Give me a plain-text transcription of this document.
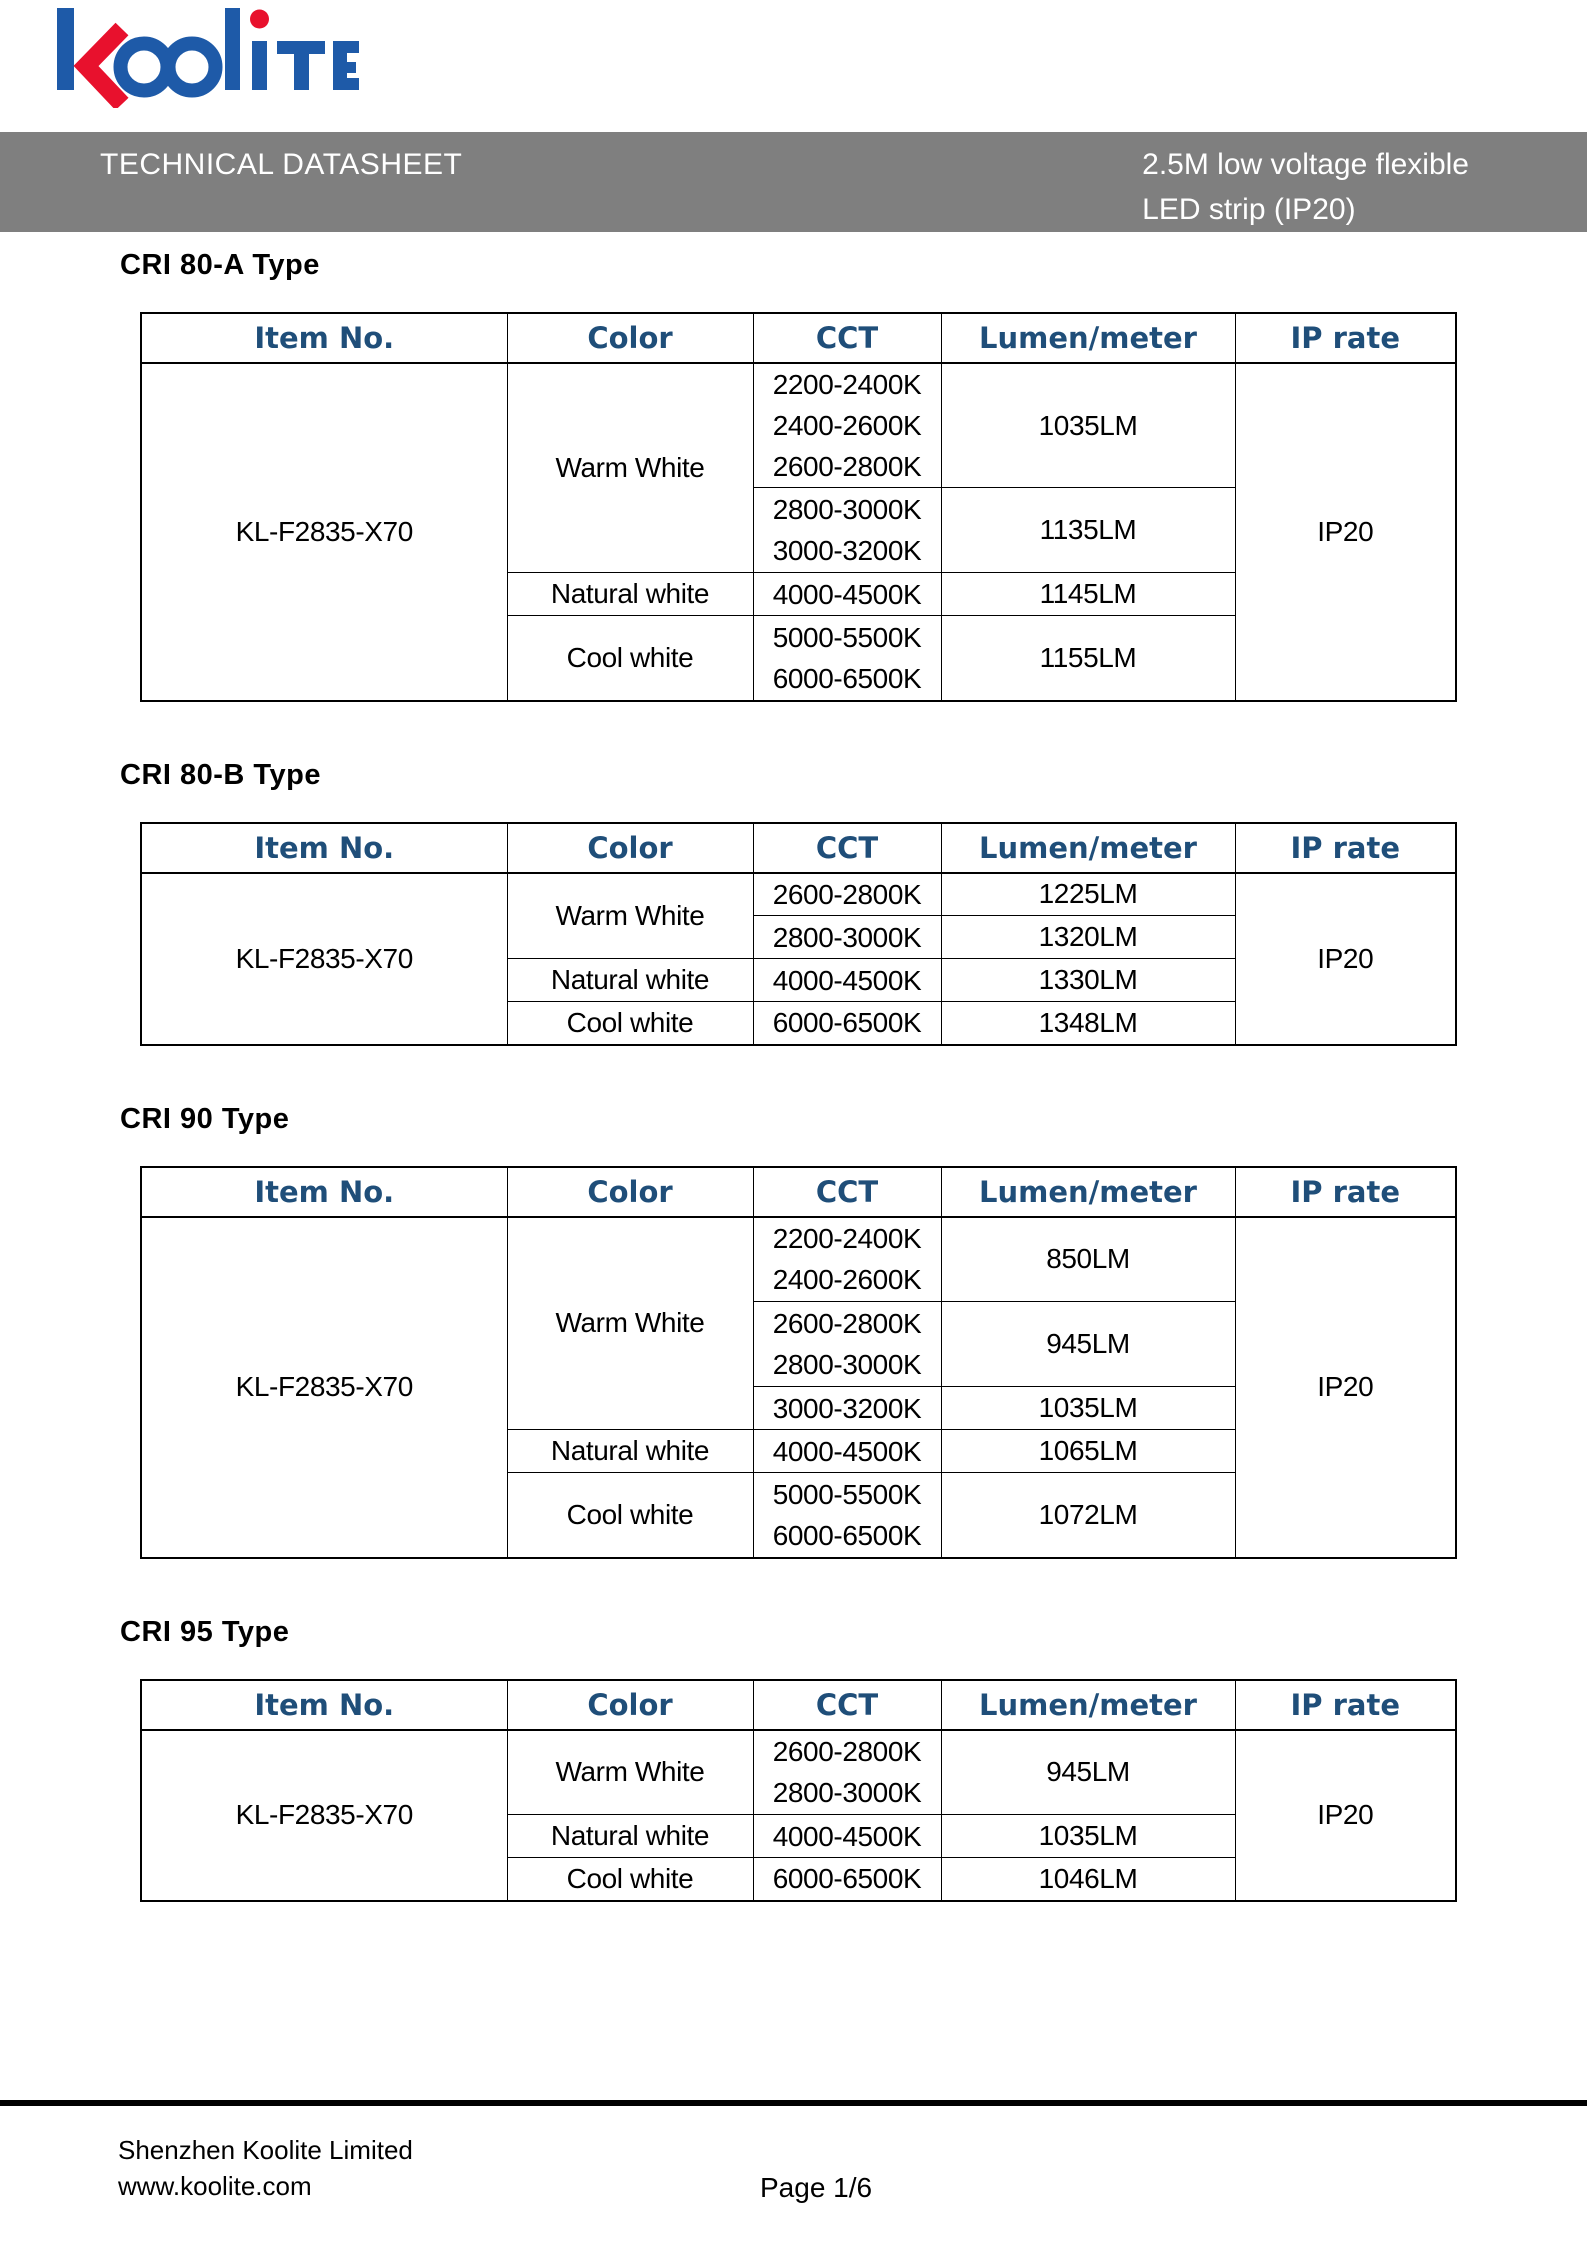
TECHNICAL DATASHEET	2.5M low voltage flexible
LED strip (IP20)
CRI 80-A Type
Item No.	Color	CCT	Lumen/meter	IP rate
KL-F2835-X70	Warm White	2200-2400K
2400-2600K
2600-2800K	1035LM	IP20

		2800-3000K
3000-3200K	1135LM	
	Natural white	4000-4500K	1145LM	
	Cool white	5000-5500K
6000-6500K	1155LM	
CRI 80-B Type
Item No.	Color	CCT	Lumen/meter	IP rate
KL-F2835-X70	Warm White	2600-2800K	1225LM	IP20

		2800-3000K	1320LM	
	Natural white	4000-4500K	1330LM	
	Cool white	6000-6500K	1348LM	
CRI 90 Type
Item No.	Color	CCT	Lumen/meter	IP rate
KL-F2835-X70	Warm White	2200-2400K
2400-2600K	850LM	IP20

		2600-2800K
2800-3000K	945LM	

		3000-3200K	1035LM	
	Natural white	4000-4500K	1065LM	
	Cool white	5000-5500K
6000-6500K	1072LM	
CRI 95 Type
Item No.	Color	CCT	Lumen/meter	IP rate
KL-F2835-X70	Warm White	2600-2800K
2800-3000K	945LM	IP20
	Natural white	4000-4500K	1035LM	
	Cool white	6000-6500K	1046LM	
Shenzhen Koolite Limited
www.koolite.com	Page 1/6
